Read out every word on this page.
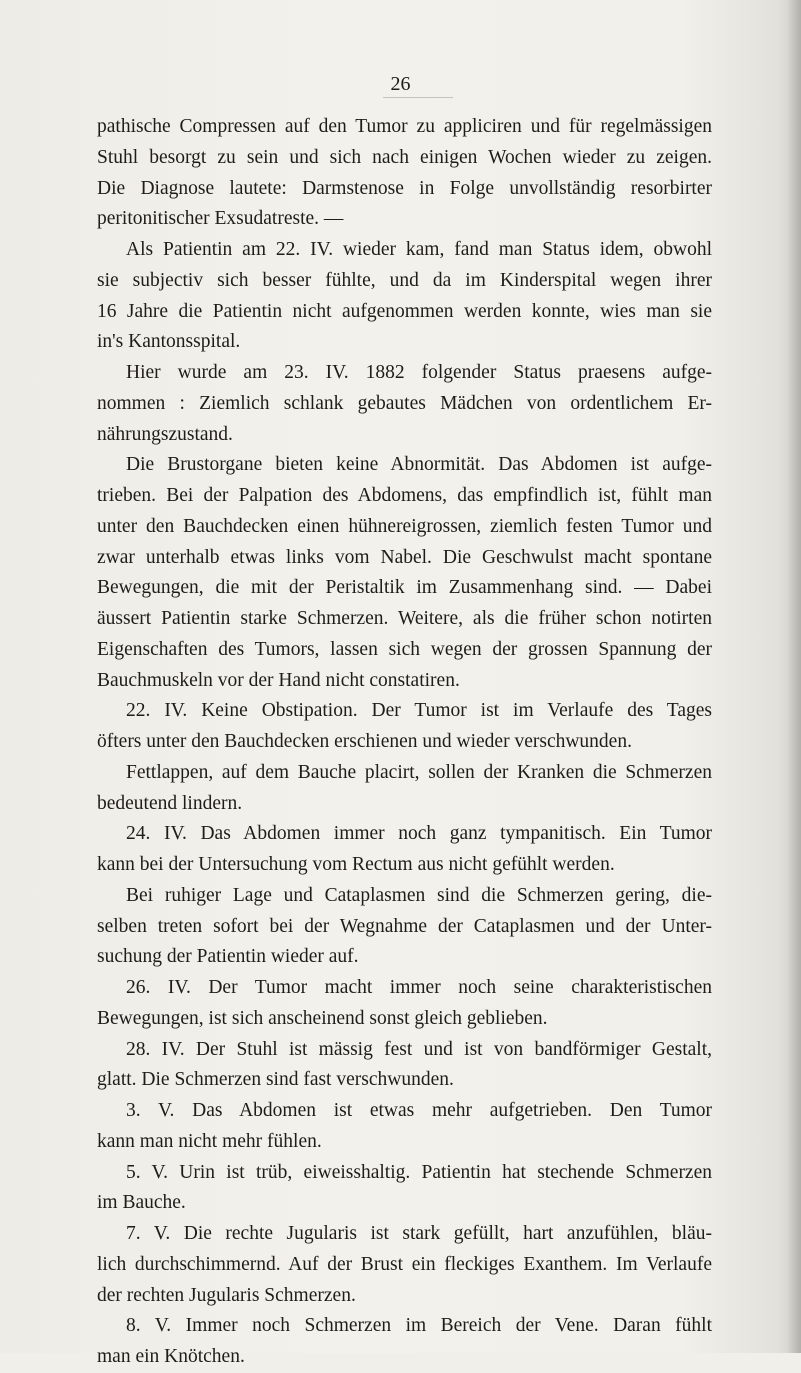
26
pathische Compressen auf den Tumor zu appliciren und für regelmässigen
Stuhl besorgt zu sein und sich nach einigen Wochen wieder zu zeigen.
Die Diagnose lautete: Darmstenose in Folge unvollständig resorbirter
peritonitischer Exsudatreste. —
Als Patientin am 22. IV. wieder kam, fand man Status idem, obwohl
sie subjectiv sich besser fühlte, und da im Kinderspital wegen ihrer
16 Jahre die Patientin nicht aufgenommen werden konnte, wies man sie
in's Kantonsspital.
Hier wurde am 23. IV. 1882 folgender Status praesens aufge-
nommen : Ziemlich schlank gebautes Mädchen von ordentlichem Er-
nährungszustand.
Die Brustorgane bieten keine Abnormität. Das Abdomen ist aufge-
trieben. Bei der Palpation des Abdomens, das empfindlich ist, fühlt man
unter den Bauchdecken einen hühnereigrossen, ziemlich festen Tumor und
zwar unterhalb etwas links vom Nabel. Die Geschwulst macht spontane
Bewegungen, die mit der Peristaltik im Zusammenhang sind. — Dabei
äussert Patientin starke Schmerzen. Weitere, als die früher schon notirten
Eigenschaften des Tumors, lassen sich wegen der grossen Spannung der
Bauchmuskeln vor der Hand nicht constatiren.
22. IV. Keine Obstipation. Der Tumor ist im Verlaufe des Tages
öfters unter den Bauchdecken erschienen und wieder verschwunden.
Fettlappen, auf dem Bauche placirt, sollen der Kranken die Schmerzen
bedeutend lindern.
24. IV. Das Abdomen immer noch ganz tympanitisch. Ein Tumor
kann bei der Untersuchung vom Rectum aus nicht gefühlt werden.
Bei ruhiger Lage und Cataplasmen sind die Schmerzen gering, die-
selben treten sofort bei der Wegnahme der Cataplasmen und der Unter-
suchung der Patientin wieder auf.
26. IV. Der Tumor macht immer noch seine charakteristischen
Bewegungen, ist sich anscheinend sonst gleich geblieben.
28. IV. Der Stuhl ist mässig fest und ist von bandförmiger Gestalt,
glatt. Die Schmerzen sind fast verschwunden.
3. V. Das Abdomen ist etwas mehr aufgetrieben. Den Tumor
kann man nicht mehr fühlen.
5. V. Urin ist trüb, eiweisshaltig. Patientin hat stechende Schmerzen
im Bauche.
7. V. Die rechte Jugularis ist stark gefüllt, hart anzufühlen, bläu-
lich durchschimmernd. Auf der Brust ein fleckiges Exanthem. Im Verlaufe
der rechten Jugularis Schmerzen.
8. V. Immer noch Schmerzen im Bereich der Vene. Daran fühlt
man ein Knötchen.
